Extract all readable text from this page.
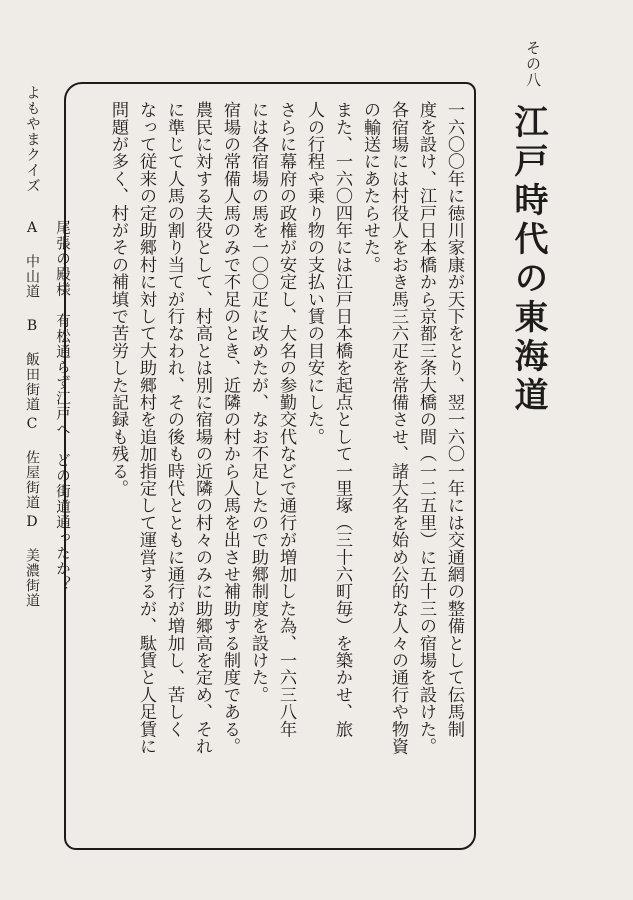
その八
江戸時代の東海道
一六〇〇年に徳川家康が天下をとり、翌一六〇一年には交通網の整備として伝馬制
度を設け、江戸日本橋から京都三条大橋の間（一二五里）に五十三の宿場を設けた。
各宿場には村役人をおき馬三六疋を常備させ、諸大名を始め公的な人々の通行や物資
の輸送にあたらせた。
また、一六〇四年には江戸日本橋を起点として一里塚（三十六町毎）を築かせ、旅
人の行程や乗り物の支払い賃の目安にした。
さらに幕府の政権が安定し、大名の参勤交代などで通行が増加した為、一六三八年
には各宿場の馬を一〇〇疋に改めたが、なお不足したので助郷制度を設けた。
宿場の常備人馬のみで不足のとき、近隣の村から人馬を出させ補助する制度である。
農民に対する夫役として、村高とは別に宿場の近隣の村々のみに助郷高を定め、それ
に準じて人馬の割り当てが行なわれ、その後も時代とともに通行が増加し、苦しく
なって従来の定助郷村に対して大助郷村を追加指定して運営するが、駄賃と人足賃に
問題が多く、村がその補填で苦労した記録も残る。
よもやまクイズ
尾張の殿様　有松通らず江戸へ　どの街道通ったか？
A 中山道
B 飯田街道
C 佐屋街道
D 美濃街道
